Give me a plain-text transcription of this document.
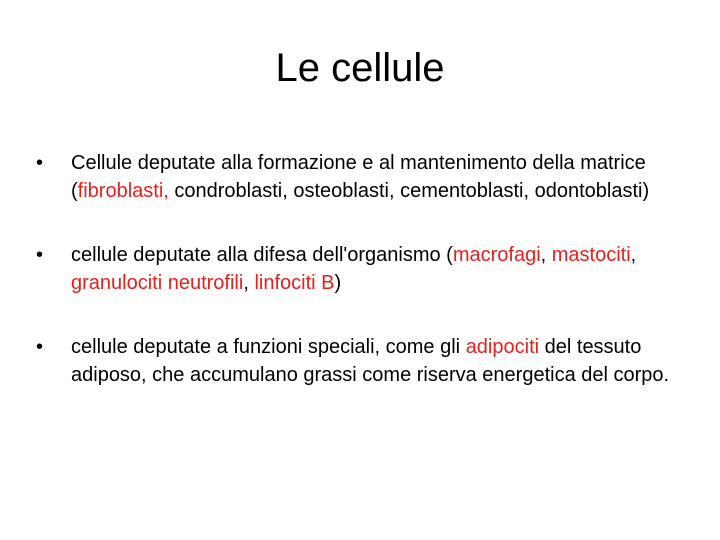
Le cellule
•	Cellule deputate alla formazione e al mantenimento della matrice (fibroblasti, condroblasti, osteoblasti, cementoblasti, odontoblasti)
•	cellule deputate alla difesa dell'organismo (macrofagi, mastociti, granulociti neutrofili, linfociti B)
•	cellule deputate a funzioni speciali, come gli adipociti del tessuto adiposo, che accumulano grassi come riserva energetica del corpo.
